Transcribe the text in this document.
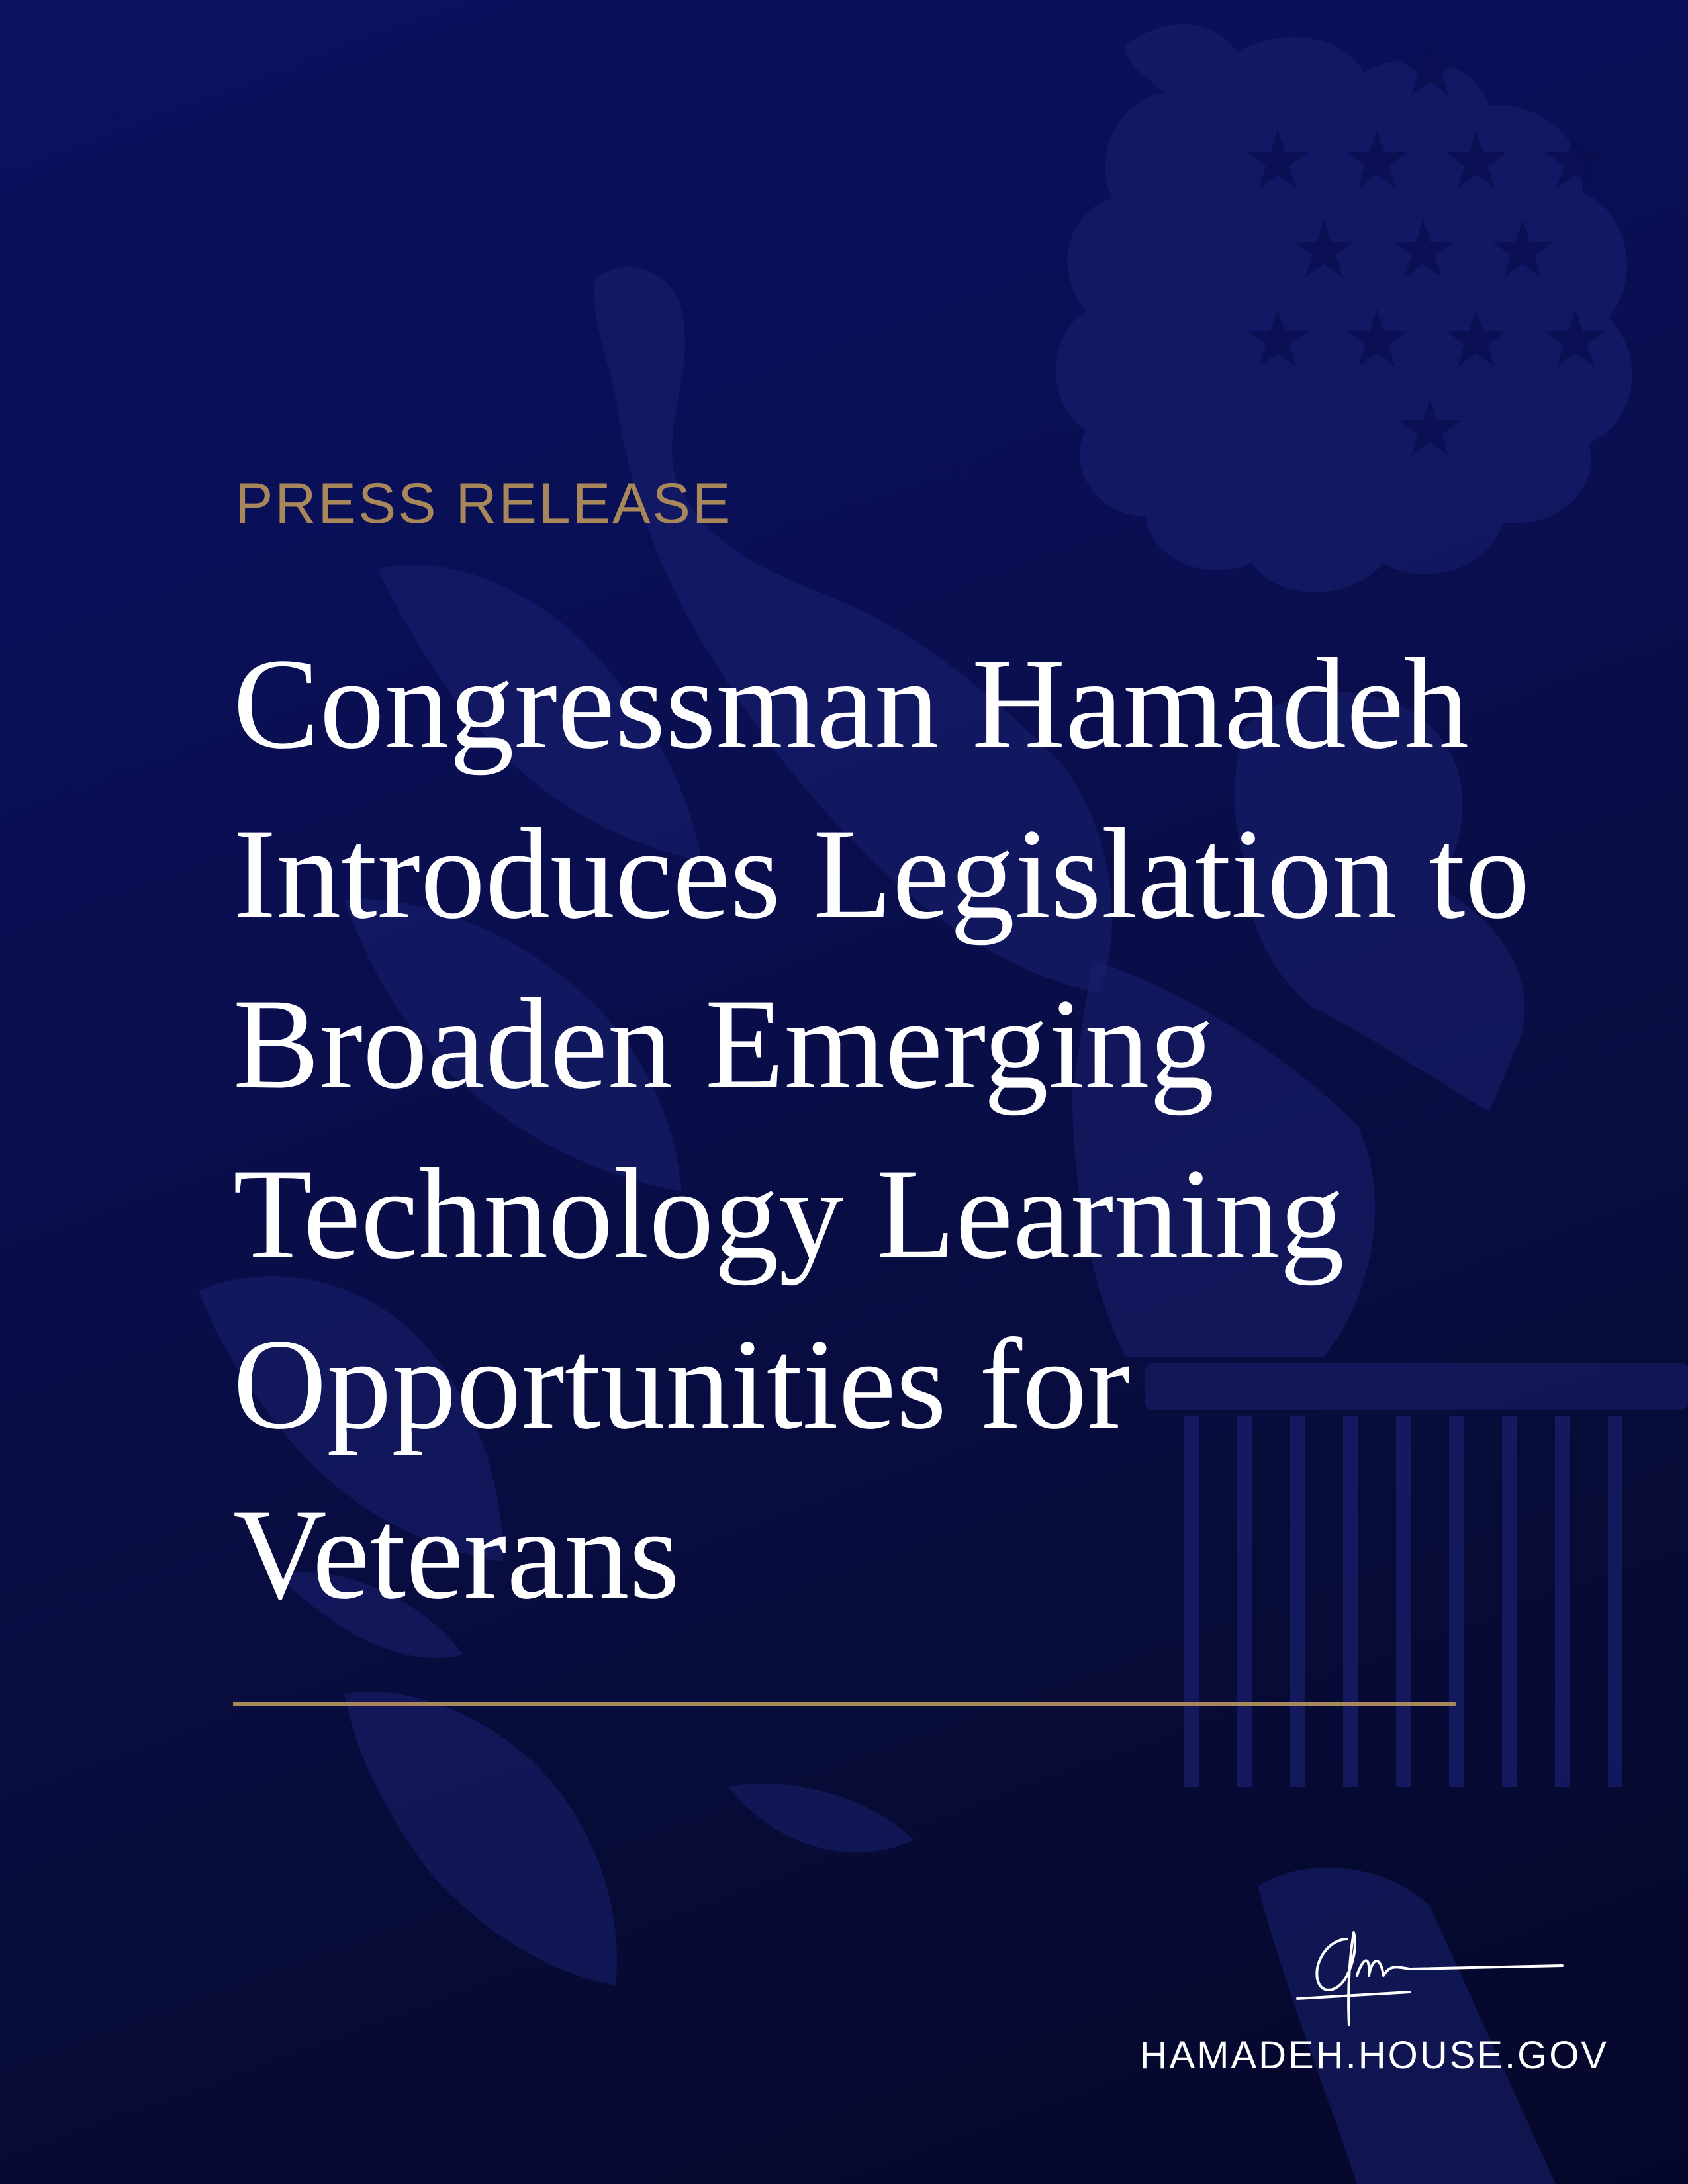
PRESS RELEASE

Congressman Hamadeh
Introduces Legislation to
Broaden Emerging
Technology Learning
Opportunities for
Veterans

HAMADEH.HOUSE.GOV
